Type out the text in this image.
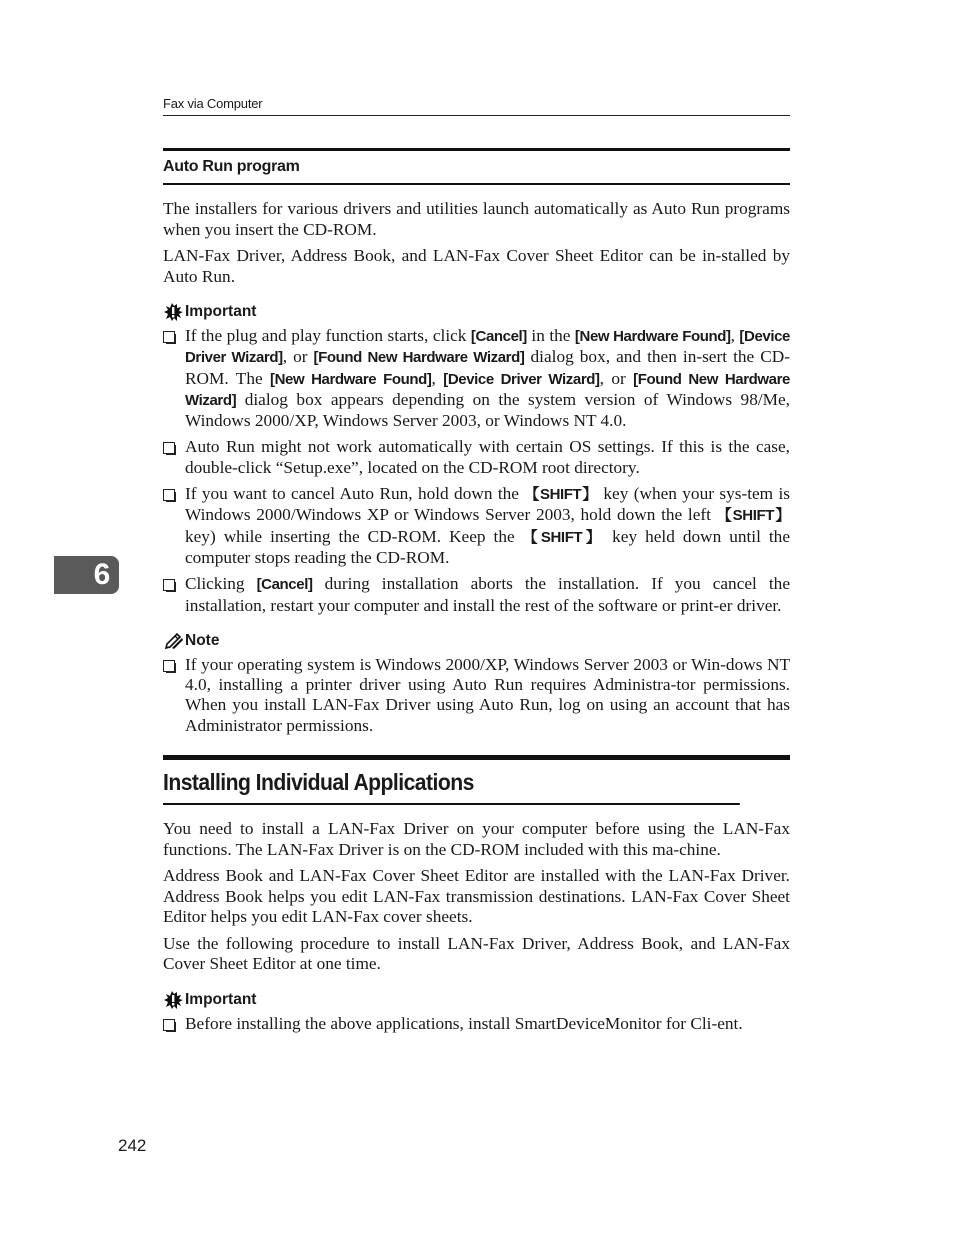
Fax via Computer
6
Auto Run program

The installers for various drivers and utilities launch automatically as Auto Run programs when you insert the CD-ROM.

LAN-Fax Driver, Address Book, and LAN-Fax Cover Sheet Editor can be in-stalled by Auto Run.

Important
If the plug and play function starts, click [Cancel] in the [New Hardware Found], [Device Driver Wizard], or [Found New Hardware Wizard] dialog box, and then in-sert the CD-ROM. The [New Hardware Found], [Device Driver Wizard], or [Found New Hardware Wizard] dialog box appears depending on the system version of Windows 98/Me, Windows 2000/XP, Windows Server 2003, or Windows NT 4.0.
Auto Run might not work automatically with certain OS settings. If this is the case, double-click “Setup.exe”, located on the CD-ROM root directory.
If you want to cancel Auto Run, hold down the 【SHIFT】 key (when your sys-tem is Windows 2000/Windows XP or Windows Server 2003, hold down the left 【SHIFT】 key) while inserting the CD-ROM. Keep the 【SHIFT】 key held down until the computer stops reading the CD-ROM.
Clicking [Cancel] during installation aborts the installation. If you cancel the installation, restart your computer and install the rest of the software or print-er driver.
Note
If your operating system is Windows 2000/XP, Windows Server 2003 or Win-dows NT 4.0, installing a printer driver using Auto Run requires Administra-tor permissions. When you install LAN-Fax Driver using Auto Run, log on using an account that has Administrator permissions.
Installing Individual Applications

You need to install a LAN-Fax Driver on your computer before using the LAN-Fax functions. The LAN-Fax Driver is on the CD-ROM included with this ma-chine.

Address Book and LAN-Fax Cover Sheet Editor are installed with the LAN-Fax Driver. Address Book helps you edit LAN-Fax transmission destinations. LAN-Fax Cover Sheet Editor helps you edit LAN-Fax cover sheets.

Use the following procedure to install LAN-Fax Driver, Address Book, and LAN-Fax Cover Sheet Editor at one time.

Important
Before installing the above applications, install SmartDeviceMonitor for Cli-ent.
242
